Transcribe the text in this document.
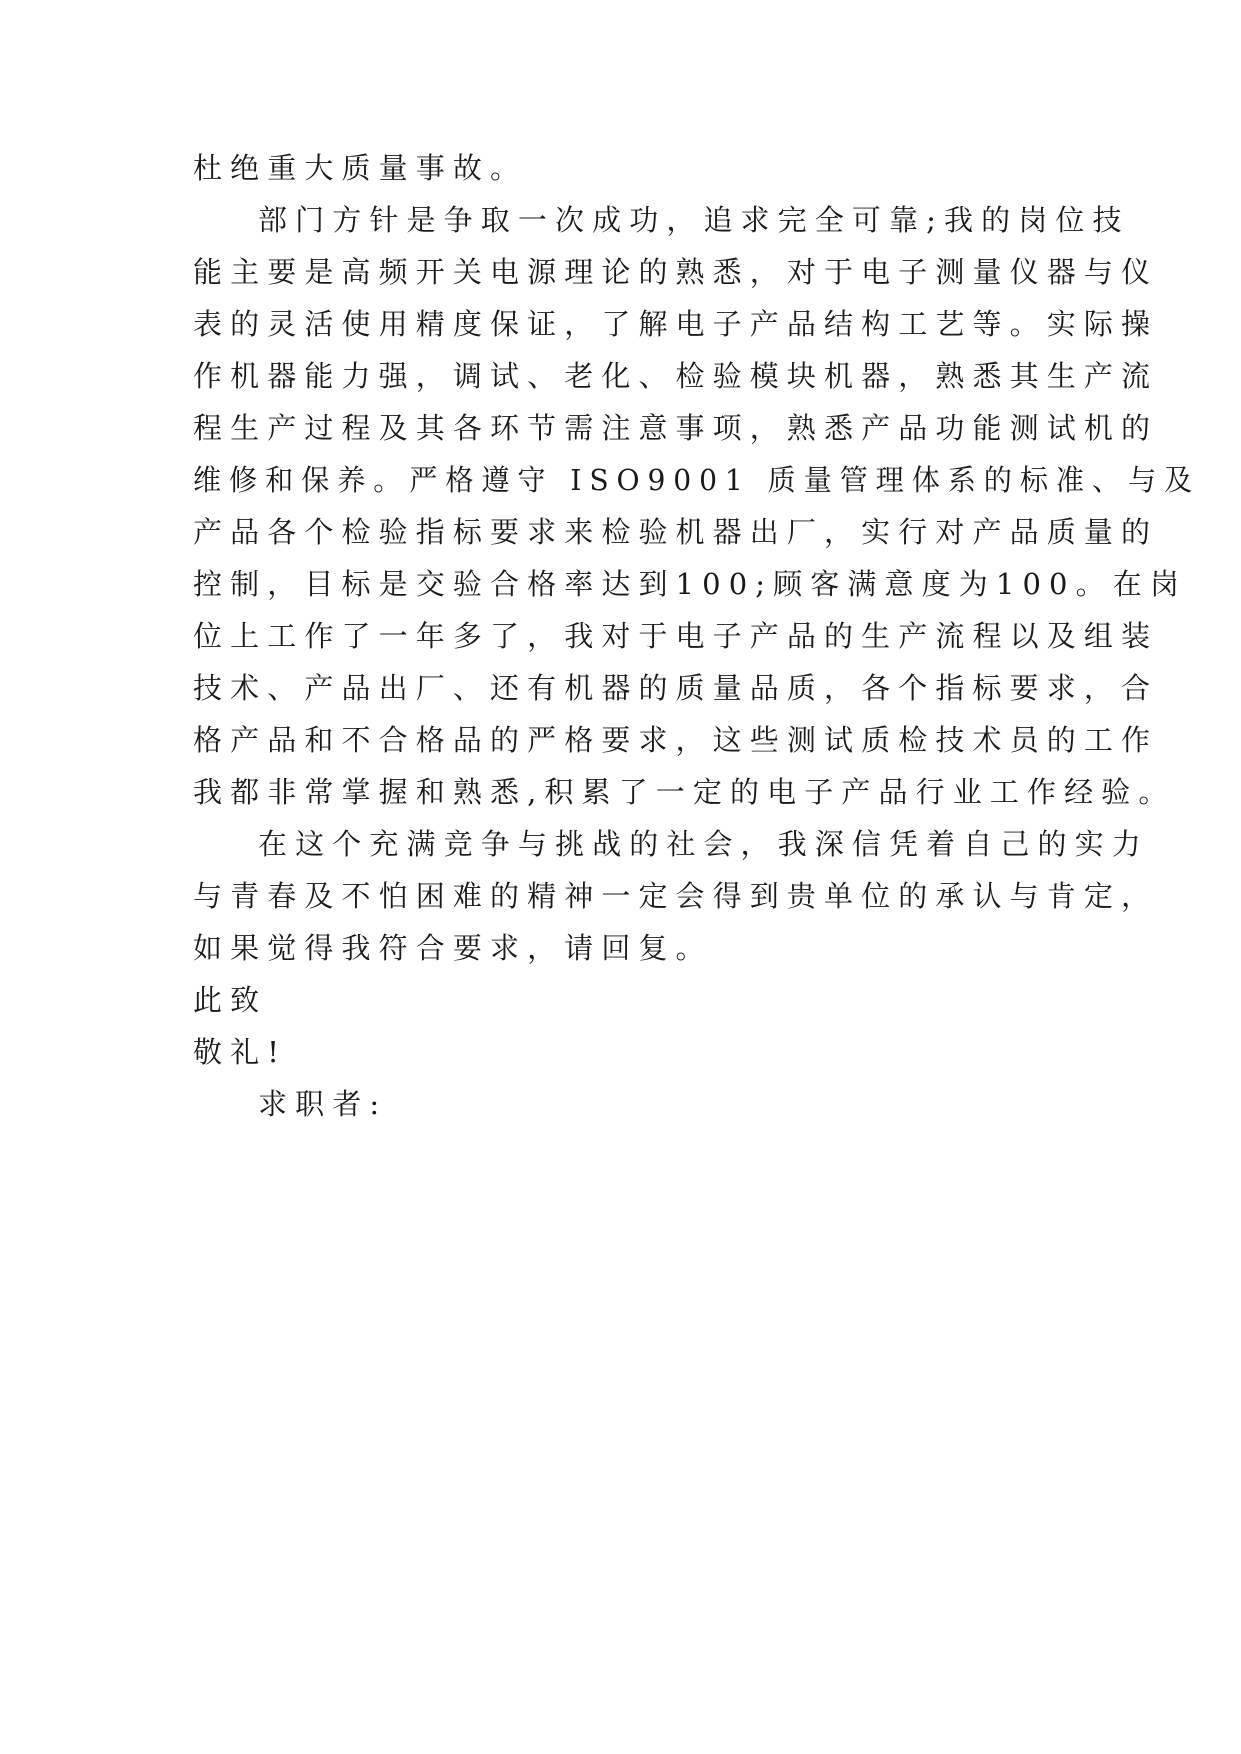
杜绝重大质量事故。
部门方针是争取一次成功，追求完全可靠;我的岗位技
能主要是高频开关电源理论的熟悉，对于电子测量仪器与仪
表的灵活使用精度保证，了解电子产品结构工艺等。实际操
作机器能力强，调试、老化、检验模块机器，熟悉其生产流
程生产过程及其各环节需注意事项，熟悉产品功能测试机的
维修和保养。严格遵守 ISO9001 质量管理体系的标准、与及
产品各个检验指标要求来检验机器出厂，实行对产品质量的
控制，目标是交验合格率达到100;顾客满意度为100。在岗
位上工作了一年多了，我对于电子产品的生产流程以及组装
技术、产品出厂、还有机器的质量品质，各个指标要求，合
格产品和不合格品的严格要求，这些测试质检技术员的工作
我都非常掌握和熟悉,积累了一定的电子产品行业工作经验。
在这个充满竞争与挑战的社会，我深信凭着自己的实力
与青春及不怕困难的精神一定会得到贵单位的承认与肯定，
如果觉得我符合要求，请回复。
此致
敬礼!
求职者:
